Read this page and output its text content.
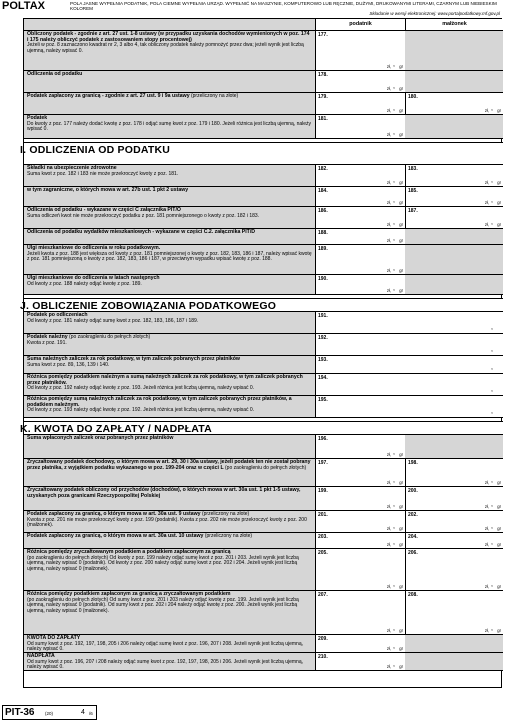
POLTAX	POLA JASNE WYPEŁNIA PODATNIK, POLA CIEMNE WYPEŁNIA URZĄD. WYPEŁNIĆ NA MASZYNIE, KOMPUTEROWO LUB RĘCZNIE, DUŻYMI, DRUKOWANYMI LITERAMI, CZARNYM LUB NIEBIESKIM KOLOREM
Składanie w wersji elektronicznej: www.portalpodatkowy.mf.gov.pl
podatnik	małżonek
Obliczony podatek - zgodnie z art. 27 ust. 1-8 ustawy (w przypadku uzyskania dochodów wymienionych w poz. 174 i 175 należy obliczyć podatek z zastosowaniem stopy procentowej)
Jeżeli w poz. 8 zaznaczono kwadrat nr 2, 3 albo 4, tak obliczony podatek należy pomnożyć przez dwa; jeżeli wynik jest liczbą ujemną, należy wpisać 0.
177.
zł, gr
,
Odliczenia od podatku	178.
zł, gr
,
Podatek zapłacony za granicą - zgodnie z art. 27 ust. 9 i 9a ustawy (przeliczony na złote)	179.
zł, gr
,
180.
zł, gr
,
Podatek
Do kwoty z poz. 177 należy dodać kwotę z poz. 178 i odjąć sumę kwot z poz. 179 i 180. Jeżeli różnica jest liczbą ujemną, należy wpisać 0.
181.
zł, gr
,
I. ODLICZENIA OD PODATKU
Składki na ubezpieczenie zdrowotne
Suma kwot z poz. 182 i 183 nie może przekroczyć kwoty z poz. 181.
182.
zł, gr
,
183.
zł, gr
,
w tym zagraniczne, o których mowa w art. 27b ust. 1 pkt 2 ustawy	184.
zł, gr
,
185.
zł, gr
,
Odliczenia od podatku - wykazane w części C załącznika PIT/O
Suma odliczeń kwot nie może przekroczyć podatku z poz. 181 pomniejszonego o kwoty z poz. 182 i 183.
186.
zł, gr
,
187.
zł, gr
,
Odliczenia od podatku wydatków mieszkaniowych - wykazane w części C.2. załącznika PIT/D	188.
zł, gr
,
Ulgi mieszkaniowe do odliczenia w roku podatkowym.
Jeżeli kwota z poz. 188 jest większa od kwoty z poz. 181 pomniejszonej o kwoty z poz. 182, 183, 186 i 187, należy wpisać kwotę z poz. 181 pomniejszoną o kwoty z poz. 182, 183, 186 i 187, w przeciwnym wypadku wpisać kwotę z poz. 188.
189.
zł, gr
,
Ulgi mieszkaniowe do odliczenia w latach następnych
Od kwoty z poz. 188 należy odjąć kwotę z poz. 189.
190.
zł, gr
,
J. OBLICZENIE ZOBOWIĄZANIA PODATKOWEGO
Podatek po odliczeniach
Od kwoty z poz. 181 należy odjąć sumę kwot z poz. 182, 183, 186, 187 i 189.
191.
,
Podatek należny (po zaokrągleniu do pełnych złotych)
Kwota z poz. 191.
192.
,
Suma należnych zaliczek za rok podatkowy, w tym zaliczek pobranych przez płatników
Suma kwot z poz. 89, 136, 139 i 140.
193.
,
Różnica pomiędzy podatkiem należnym a sumą należnych zaliczek za rok podatkowy, w tym zaliczek pobranych przez płatników.
Od kwoty z poz. 192 należy odjąć kwotę z poz. 193. Jeżeli różnica jest liczbą ujemną, należy wpisać 0.
194.
,
Różnica pomiędzy sumą należnych zaliczek za rok podatkowy, w tym zaliczek pobranych przez płatników, a podatkiem należnym.
Od kwoty z poz. 193 należy odjąć kwotę z poz. 192. Jeżeli różnica jest liczbą ujemną, należy wpisać 0.
195.
,
K. KWOTA DO ZAPŁATY / NADPŁATA
Suma wpłaconych zaliczek oraz pobranych przez płatników	196.
zł, gr
,
Zryczałtowany podatek dochodowy, o którym mowa w art. 29, 30 i 30a ustawy, jeżeli podatek ten nie został pobrany przez płatnika, z wyjątkiem podatku wykazanego w poz. 199-204 oraz w części L (po zaokrągleniu do pełnych złotych)
197.
zł, gr
,
198.
zł, gr
,
Zryczałtowany podatek obliczony od przychodów (dochodów), o których mowa w art. 30a ust. 1 pkt 1-5 ustawy, uzyskanych poza granicami Rzeczypospolitej Polskiej
199.
zł, gr
,
200.
zł, gr
,
Podatek zapłacony za granicą, o którym mowa w art. 30a ust. 9 ustawy (przeliczony na złote)
Kwota z poz. 201 nie może przekroczyć kwoty z poz. 199 (podatnik). Kwota z poz. 202 nie może przekroczyć kwoty z poz. 200 (małżonek).
201.
zł, gr
,
202.
zł, gr
,
Podatek zapłacony za granicą, o którym mowa w art. 30a ust. 10 ustawy (przeliczony na złote)	203.
zł, gr
,
204.
zł, gr
,
Różnica pomiędzy zryczałtowanym podatkiem a podatkiem zapłaconym za granicą
(po zaokrągleniu do pełnych złotych) Od kwoty z poz. 199 należy odjąć sumę kwot z poz. 201 i 203. Jeżeli wynik jest liczbą ujemną, należy wpisać 0 (podatnik). Od kwoty z poz. 200 należy odjąć sumę kwot z poz. 202 i 204. Jeżeli wynik jest liczbą ujemną, należy wpisać 0 (małżonek).
205.
zł, gr
,
206.
zł, gr
,
Różnica pomiędzy podatkiem zapłaconym za granicą a zryczałtowanym podatkiem
(po zaokrągleniu do pełnych złotych) Od sumy kwot z poz. 201 i 203 należy odjąć kwotę z poz. 199. Jeżeli wynik jest liczbą ujemną, należy wpisać 0 (podatnik). Od sumy kwot z poz. 202 i 204 należy odjąć kwotę z poz. 200. Jeżeli wynik jest liczbą ujemną, należy wpisać 0 (małżonek).
207.
zł, gr
,
208.
zł, gr
,
KWOTA DO ZAPŁATY
Od sumy kwot z poz. 192, 197, 198, 205 i 206 należy odjąć sumę kwot z poz. 196, 207 i 208. Jeżeli wynik jest liczbą ujemną, należy wpisać 0.
209.
zł, gr
,
NADPŁATA
Od sumy kwot z poz. 196, 207 i 208 należy odjąć sumę kwot z poz. 192, 197, 198, 205 i 206. Jeżeli wynik jest liczbą ujemną, należy wpisać 0.
210.
zł, gr
,
PIT-36 (20)	4 /6
